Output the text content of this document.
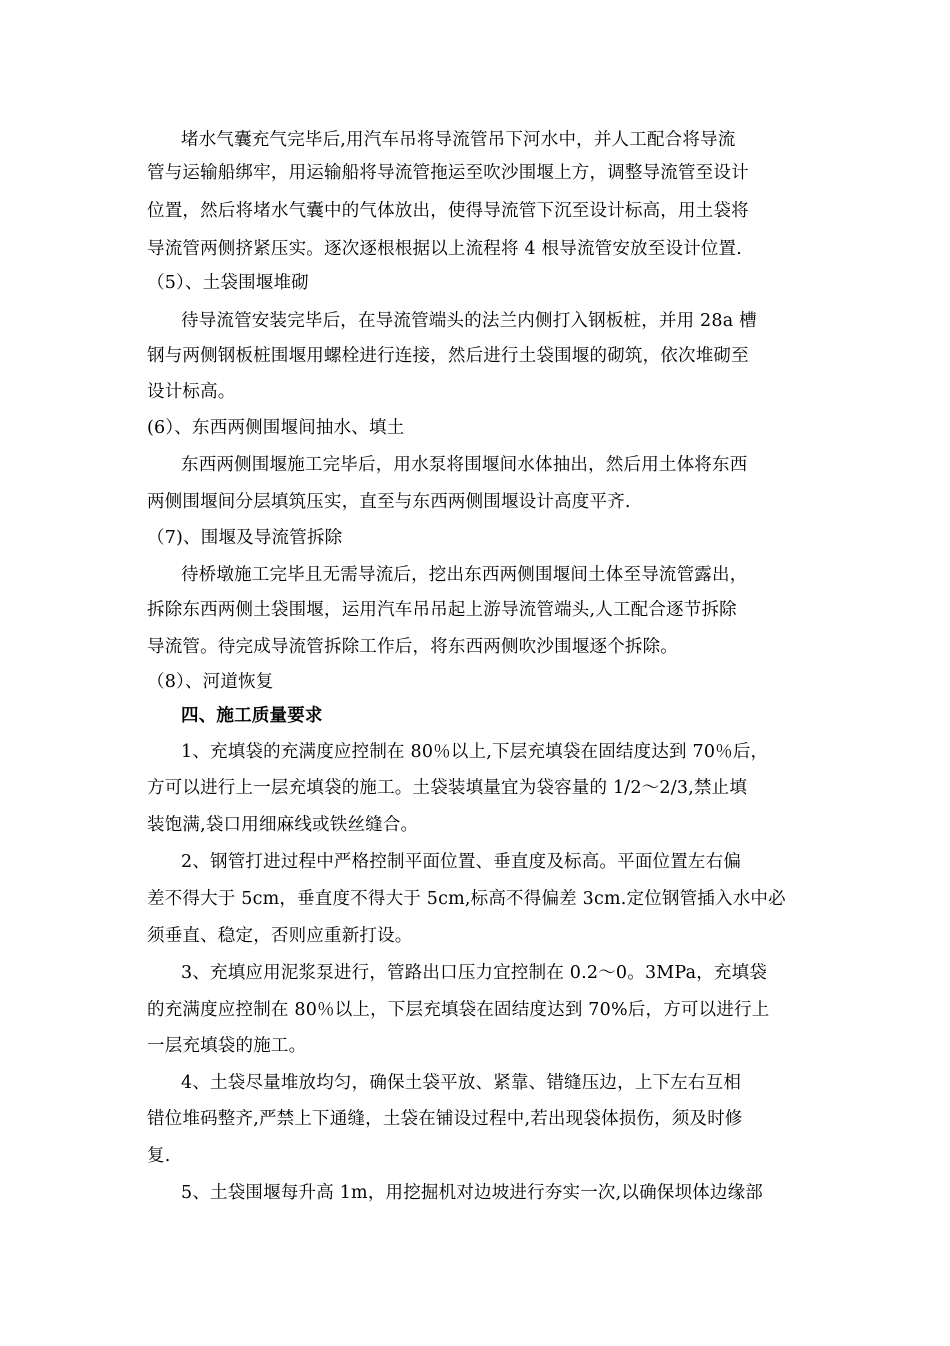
堵水气囊充气完毕后,用汽车吊将导流管吊下河水中，并人工配合将导流
管与运输船绑牢，用运输船将导流管拖运至吹沙围堰上方，调整导流管至设计
位置，然后将堵水气囊中的气体放出，使得导流管下沉至设计标高，用土袋将
导流管两侧挤紧压实。逐次逐根根据以上流程将 4 根导流管安放至设计位置.
（5）、土袋围堰堆砌
待导流管安装完毕后，在导流管端头的法兰内侧打入钢板桩，并用 28a 槽
钢与两侧钢板桩围堰用螺栓进行连接，然后进行土袋围堰的砌筑，依次堆砌至
设计标高。
(6）、东西两侧围堰间抽水、填土
东西两侧围堰施工完毕后，用水泵将围堰间水体抽出，然后用土体将东西
两侧围堰间分层填筑压实，直至与东西两侧围堰设计高度平齐.
（7)、围堰及导流管拆除
待桥墩施工完毕且无需导流后，挖出东西两侧围堰间土体至导流管露出，
拆除东西两侧土袋围堰，运用汽车吊吊起上游导流管端头,人工配合逐节拆除
导流管。待完成导流管拆除工作后，将东西两侧吹沙围堰逐个拆除。
（8）、河道恢复
四、施工质量要求
1、充填袋的充满度应控制在 80％以上,下层充填袋在固结度达到 70％后，
方可以进行上一层充填袋的施工。土袋装填量宜为袋容量的 1/2～2/3,禁止填
装饱满,袋口用细麻线或铁丝缝合。
2、钢管打进过程中严格控制平面位置、垂直度及标高。平面位置左右偏
差不得大于 5cm，垂直度不得大于 5cm,标高不得偏差 3cm.定位钢管插入水中必
须垂直、稳定，否则应重新打设。
3、充填应用泥浆泵进行，管路出口压力宜控制在 0.2～0。3MPa，充填袋
的充满度应控制在 80％以上，下层充填袋在固结度达到 70%后，方可以进行上
一层充填袋的施工。
4、土袋尽量堆放均匀，确保土袋平放、紧靠、错缝压边，上下左右互相
错位堆码整齐,严禁上下通缝，土袋在铺设过程中,若出现袋体损伤，须及时修
复.
5、土袋围堰每升高 1m，用挖掘机对边坡进行夯实一次,以确保坝体边缘部
